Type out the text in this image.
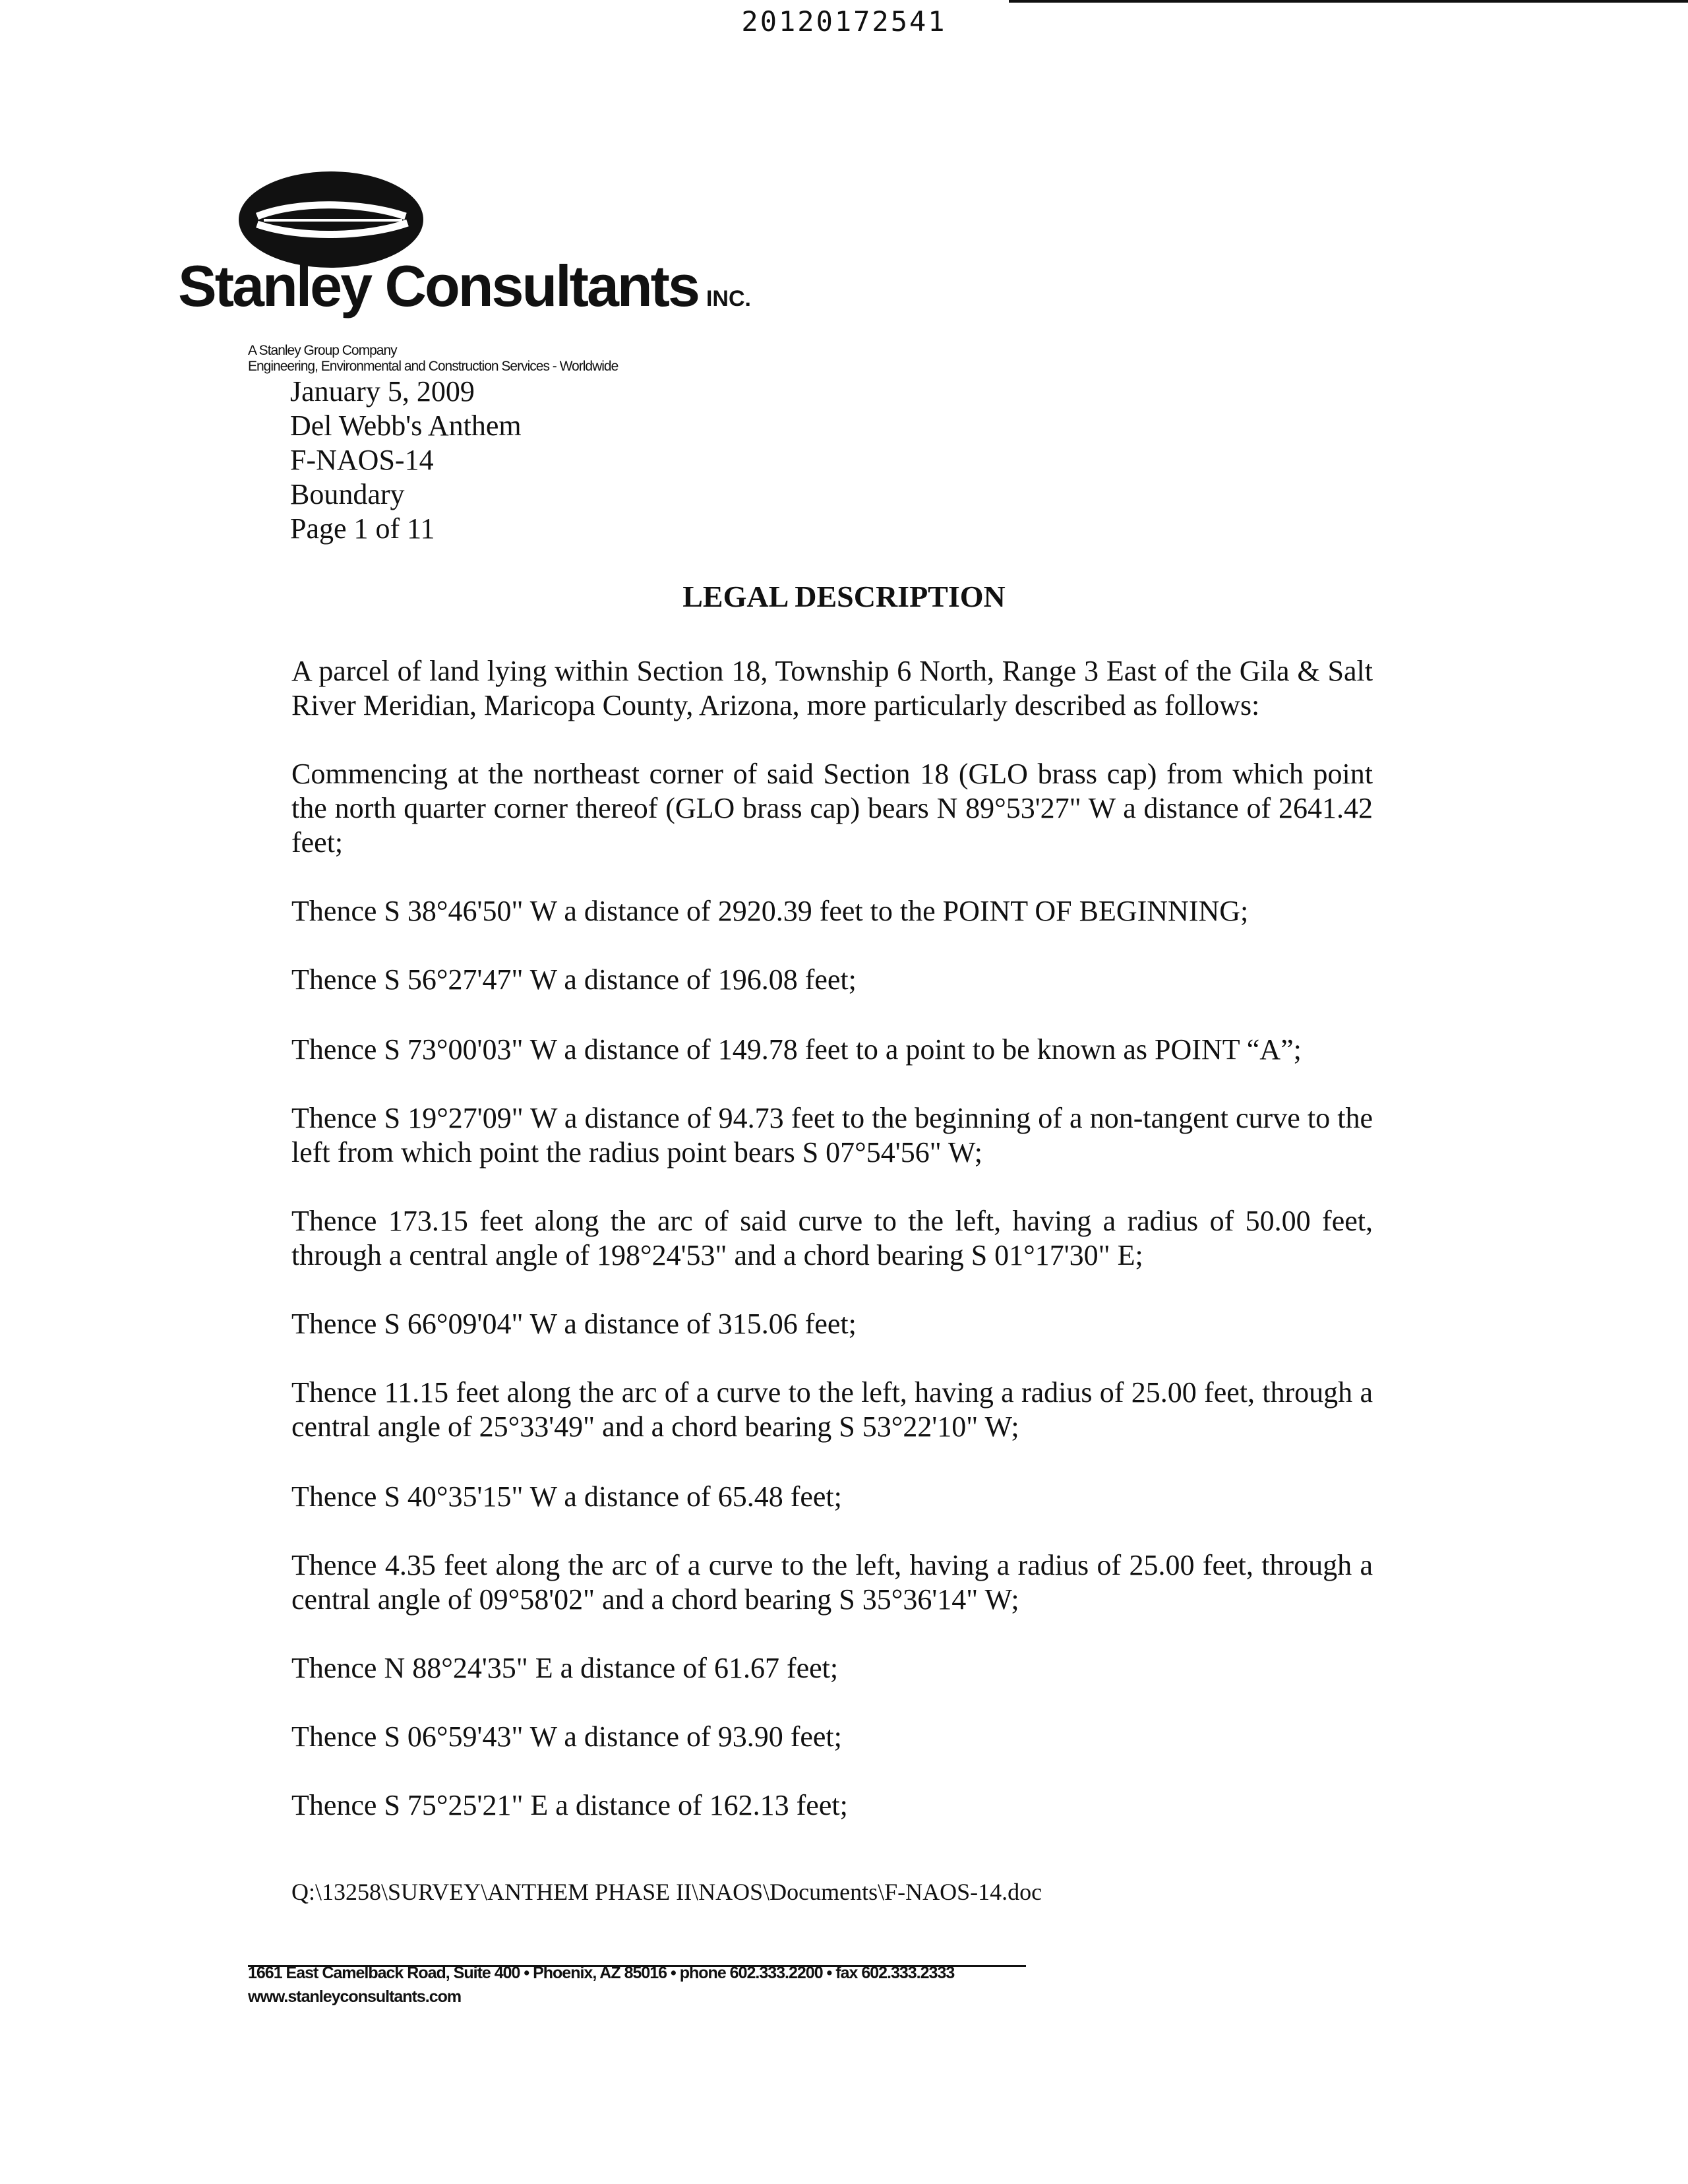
20120172541
Stanley Consultants INC.
A Stanley Group Company
Engineering, Environmental and Construction Services - Worldwide
January 5, 2009
Del Webb's Anthem
F-NAOS-14
Boundary
Page 1 of 11
LEGAL DESCRIPTION

A parcel of land lying within Section 18, Township 6 North, Range 3 East of the Gila & Salt River Meridian, Maricopa County, Arizona, more particularly described as follows:

Commencing at the northeast corner of said Section 18 (GLO brass cap) from which point the north quarter corner thereof (GLO brass cap) bears N 89°53'27" W a distance of 2641.42 feet;

Thence S 38°46'50" W a distance of 2920.39 feet to the POINT OF BEGINNING;

Thence S 56°27'47" W a distance of 196.08 feet;

Thence S 73°00'03" W a distance of 149.78 feet to a point to be known as POINT “A”;

Thence S 19°27'09" W a distance of 94.73 feet to the beginning of a non-tangent curve to the left from which point the radius point bears S 07°54'56" W;

Thence 173.15 feet along the arc of said curve to the left, having a radius of 50.00 feet, through a central angle of 198°24'53" and a chord bearing S 01°17'30" E;

Thence S 66°09'04" W a distance of 315.06 feet;

Thence 11.15 feet along the arc of a curve to the left, having a radius of 25.00 feet, through a central angle of 25°33'49" and a chord bearing S 53°22'10" W;

Thence S 40°35'15" W a distance of 65.48 feet;

Thence 4.35 feet along the arc of a curve to the left, having a radius of 25.00 feet, through a central angle of 09°58'02" and a chord bearing S 35°36'14" W;

Thence N 88°24'35" E a distance of 61.67 feet;

Thence S 06°59'43" W a distance of 93.90 feet;

Thence S 75°25'21" E a distance of 162.13 feet;

Q:\13258\SURVEY\ANTHEM PHASE II\NAOS\Documents\F-NAOS-14.doc
1661 East Camelback Road, Suite 400 • Phoenix, AZ 85016 • phone 602.333.2200 • fax 602.333.2333
www.stanleyconsultants.com
